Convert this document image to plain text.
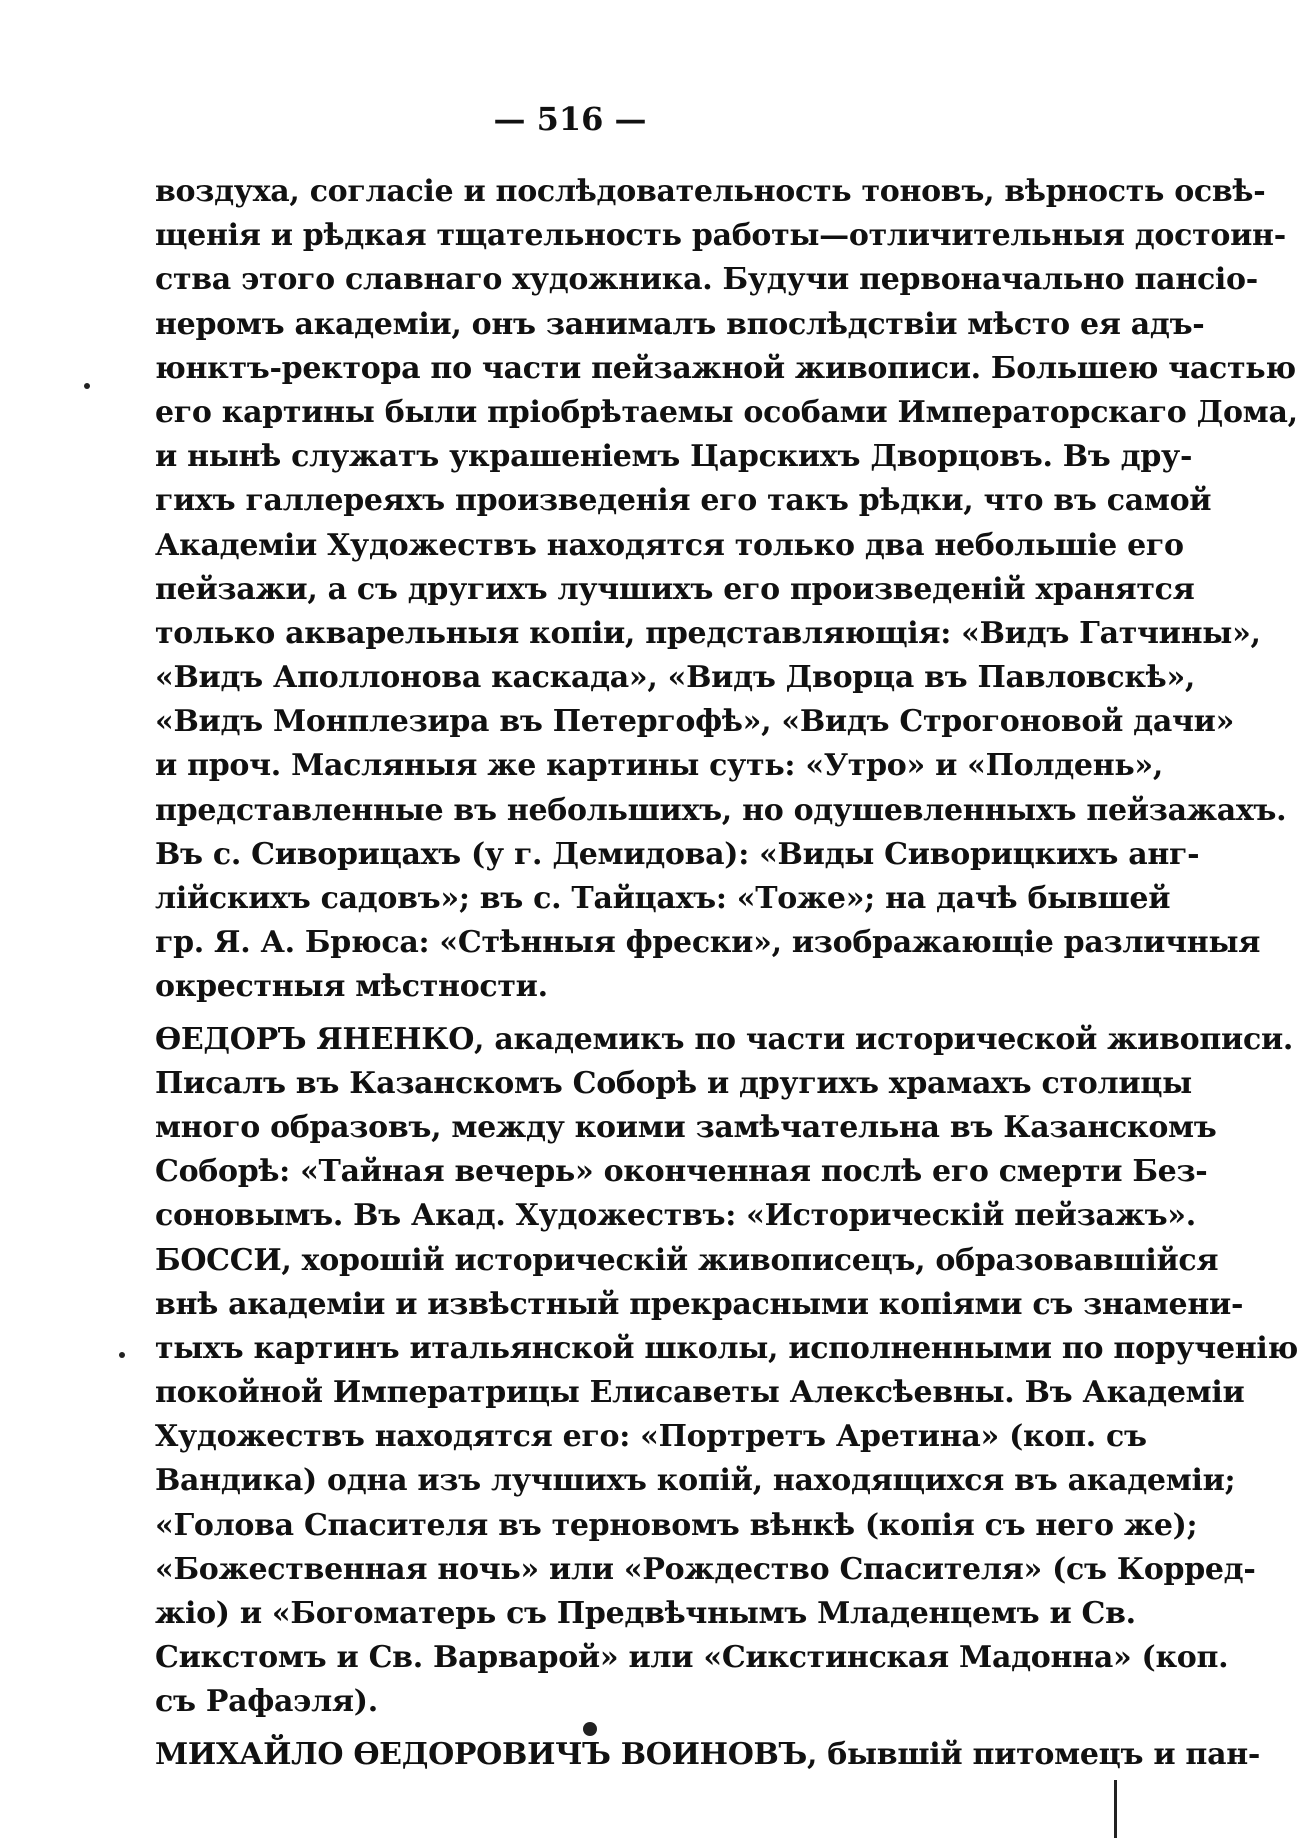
— 516 —
воздуха, согласіе и послѣдовательность тоновъ, вѣрность освѣ-
щенія и рѣдкая тщательность работы—отличительныя достоин-
ства этого славнаго художника. Будучи первоначально пансіо-
неромъ академіи, онъ занималъ впослѣдствіи мѣсто ея адъ-
юнктъ-ректора по части пейзажной живописи. Большею частью
его картины были пріобрѣтаемы особами Императорскаго Дома,
и нынѣ служатъ украшеніемъ Царскихъ Дворцовъ. Въ дру-
гихъ галлереяхъ произведенія его такъ рѣдки, что въ самой
Академіи Художествъ находятся только два небольшіе его
пейзажи, а съ другихъ лучшихъ его произведеній хранятся
только акварельныя копіи, представляющія: «Видъ Гатчины»,
«Видъ Аполлонова каскада», «Видъ Дворца въ Павловскѣ»,
«Видъ Монплезира въ Петергофѣ», «Видъ Строгоновой дачи»
и проч. Масляныя же картины суть: «Утро» и «Полдень»,
представленные въ небольшихъ, но одушевленныхъ пейзажахъ.
Въ с. Сиворицахъ (у г. Демидова): «Виды Сиворицкихъ анг-
лійскихъ садовъ»; въ с. Тайцахъ: «Тоже»; на дачѣ бывшей
гр. Я. А. Брюса: «Стѣнныя фрески», изображающіе различныя
окрестныя мѣстности.
ѲЕДОРЪ ЯНЕНКО, академикъ по части исторической живописи.
Писалъ въ Казанскомъ Соборѣ и другихъ храмахъ столицы
много образовъ, между коими замѣчательна въ Казанскомъ
Соборѣ: «Тайная вечерь» оконченная послѣ его смерти Без-
соновымъ. Въ Акад. Художествъ: «Историческій пейзажъ».
БОССИ, хорошій историческій живописецъ, образовавшійся
внѣ академіи и извѣстный прекрасными копіями съ знамени-
тыхъ картинъ итальянской школы, исполненными по порученію
покойной Императрицы Елисаветы Алексѣевны. Въ Академіи
Художествъ находятся его: «Портретъ Аретина» (коп. съ
Вандика) одна изъ лучшихъ копій, находящихся въ академіи;
«Голова Спасителя въ терновомъ вѣнкѣ (копія съ него же);
«Божественная ночь» или «Рождество Спасителя» (съ Корред-
жіо) и «Богоматерь съ Предвѣчнымъ Младенцемъ и Св.
Сикстомъ и Св. Варварой» или «Сикстинская Мадонна» (коп.
съ Рафаэля).
МИХАЙЛО ѲЕДОРОВИЧЪ ВОИНОВЪ, бывшій питомецъ и пан-
